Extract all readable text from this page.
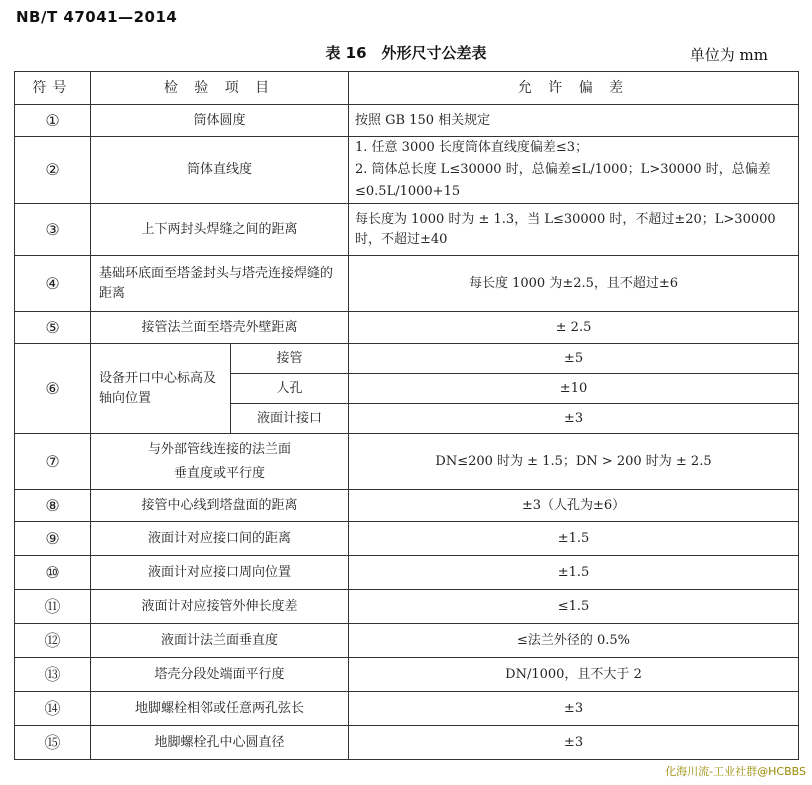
NB/T 47041—2014
表 16　外形尺寸公差表	单位为 mm
符号	检 验 项 目		允 许 偏 差
①	筒体圆度		按照 GB 150 相关规定
②	筒体直线度		1. 任意 3000 长度筒体直线度偏差≤3；
2. 筒体总长度 L≤30000 时，总偏差≤L/1000；L>30000 时，总偏差≤0.5L/1000+15

③	上下两封头焊缝之间的距离		每长度为 1000 时为 ± 1.3，当 L≤30000 时，不超过±20；L>30000 时，不超过±40
④	基础环底面至塔釜封头与塔壳连接焊缝的距离		每长度 1000 为±2.5，且不超过±6
⑤	接管法兰面至塔壳外壁距离		± 2.5
⑥	设备开口中心标高及轴向位置	接管	±5
		人孔	±10
		液面计接口	±3
⑦	与外部管线连接的法兰面
垂直度或平行度		DN≤200 时为 ± 1.5；DN > 200 时为 ± 2.5
⑧	接管中心线到塔盘面的距离		±3（人孔为±6）
⑨	液面计对应接口间的距离		±1.5
⑩	液面计对应接口周向位置		±1.5
⑪	液面计对应接管外伸长度差		≤1.5
⑫	液面计法兰面垂直度		≤法兰外径的 0.5%
⑬	塔壳分段处端面平行度		DN/1000，且不大于 2
⑭	地脚螺栓相邻或任意两孔弦长		±3
⑮	地脚螺栓孔中心圆直径		±3
化海川流-工业社群@HCBBS
